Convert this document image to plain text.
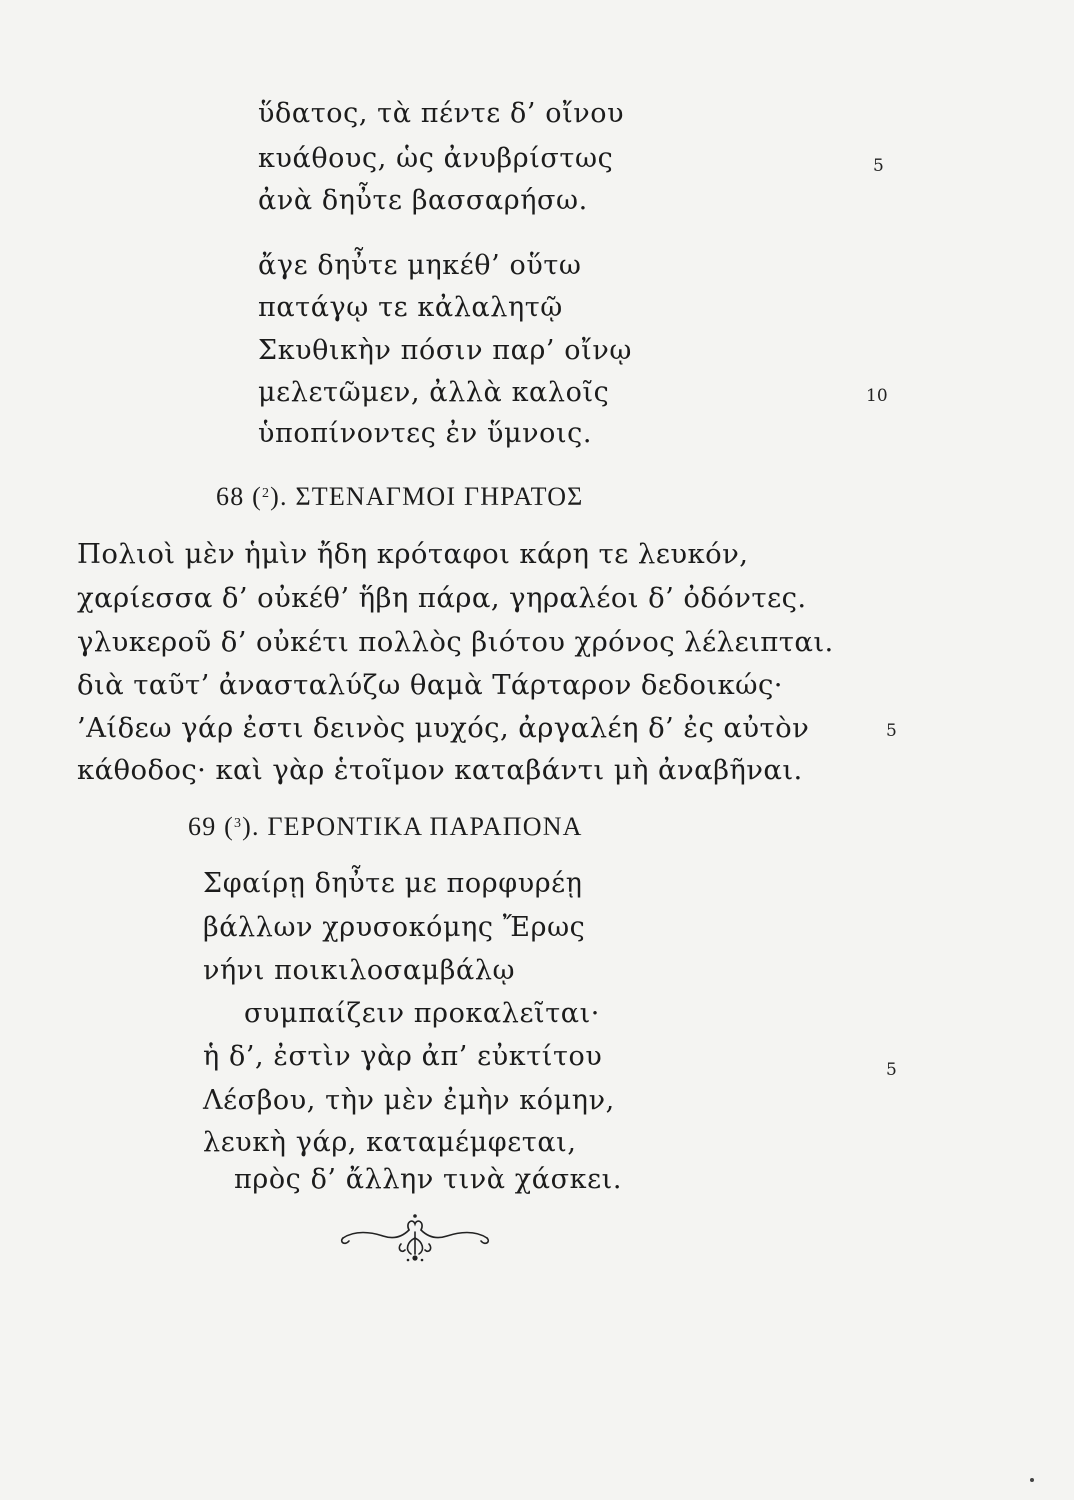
ὕδατος, τὰ πέντε δ’ οἴνου
κυάθους, ὡς ἀνυβρίστως	5
ἀνὰ δηὖτε βασσαρήσω.
ἄγε δηὖτε μηκέθ’ οὕτω
πατάγῳ τε κἀλαλητῷ
Σκυθικὴν πόσιν παρ’ οἴνῳ
μελετῶμεν, ἀλλὰ καλοῖς	10
ὑποπίνοντες ἐν ὕμνοις.
68 ($^2$). ΣΤΕΝΑΓΜΟΙ ΓΗΡΑΤΟΣ
Πολιοὶ μὲν ἡμὶν ἤδη κρόταφοι κάρη τε λευκόν,
χαρίεσσα δ’ οὐκέθ’ ἥβη πάρα, γηραλέοι δ’ ὀδόντες.
γλυκεροῦ δ’ οὐκέτι πολλὸς βιότου χρόνος λέλειπται.
διὰ ταῦτ’ ἀνασταλύζω θαμὰ Τάρταρον δεδοικώς·
’Αίδεω γάρ ἐστι δεινὸς μυχός, ἀργαλέη δ’ ἐς αὐτὸν	5
κάθοδος· καὶ γὰρ ἑτοῖμον καταβάντι μὴ ἀναβῆναι.
69 ($^3$). ΓΕΡΟΝΤΙΚΑ ΠΑΡΑΠΟΝΑ
Σφαίρῃ δηὖτε με πορφυρέῃ
βάλλων χρυσοκόμης Ἔρως
νήνι ποικιλοσαμβάλῳ
συμπαίζειν προκαλεῖται·
ἡ δ’, ἐστὶν γὰρ ἀπ’ εὐκτίτου	5
Λέσβου, τὴν μὲν ἐμὴν κόμην,
λευκὴ γάρ, καταμέμφεται,
πρὸς δ’ ἄλλην τινὰ χάσκει.
